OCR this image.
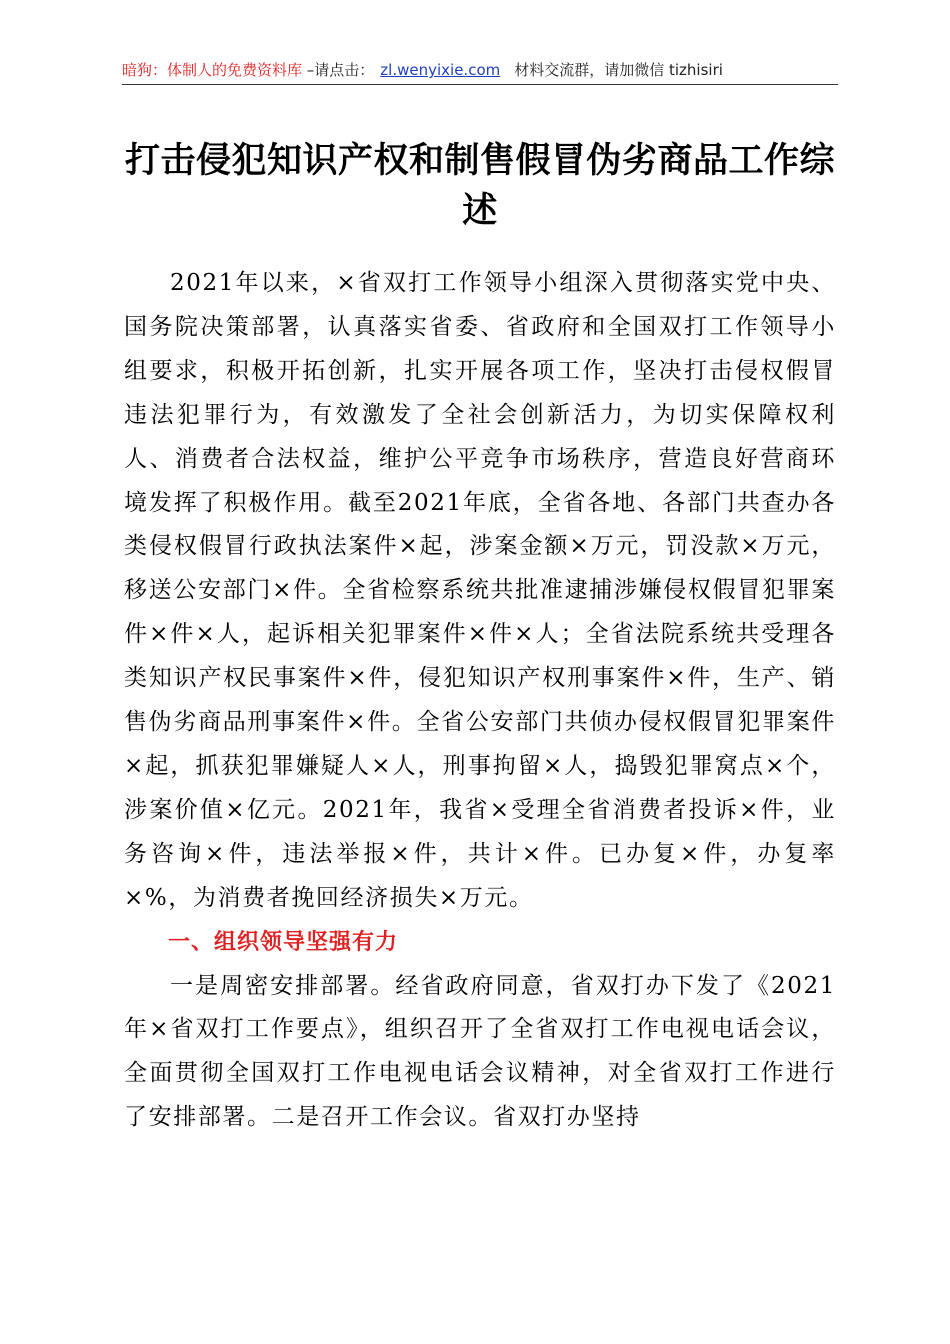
暗狗：体制人的免费资料库 –请点击： zl.wenyixie.com 材料交流群，请加微信 tizhisiri
打击侵犯知识产权和制售假冒伪劣商品工作综述

2021年以来，×省双打工作领导小组深入贯彻落实党中央、国务院决策部署，认真落实省委、省政府和全国双打工作领导小组要求，积极开拓创新，扎实开展各项工作，坚决打击侵权假冒违法犯罪行为，有效激发了全社会创新活力，为切实保障权利人、消费者合法权益，维护公平竞争市场秩序，营造良好营商环境发挥了积极作用。截至2021年底，全省各地、各部门共查办各类侵权假冒行政执法案件×起，涉案金额×万元，罚没款×万元，移送公安部门×件。全省检察系统共批准逮捕涉嫌侵权假冒犯罪案件×件×人，起诉相关犯罪案件×件×人；全省法院系统共受理各类知识产权民事案件×件，侵犯知识产权刑事案件×件，生产、销售伪劣商品刑事案件×件。全省公安部门共侦办侵权假冒犯罪案件×起，抓获犯罪嫌疑人×人，刑事拘留×人，捣毁犯罪窝点×个，涉案价值×亿元。2021年，我省×受理全省消费者投诉×件，业务咨询×件，违法举报×件，共计×件。已办复×件，办复率×%，为消费者挽回经济损失×万元。

一、组织领导坚强有力

一是周密安排部署。经省政府同意，省双打办下发了《2021年×省双打工作要点》，组织召开了全省双打工作电视电话会议，全面贯彻全国双打工作电视电话会议精神，对全省双打工作进行了安排部署。二是召开工作会议。省双打办坚持
